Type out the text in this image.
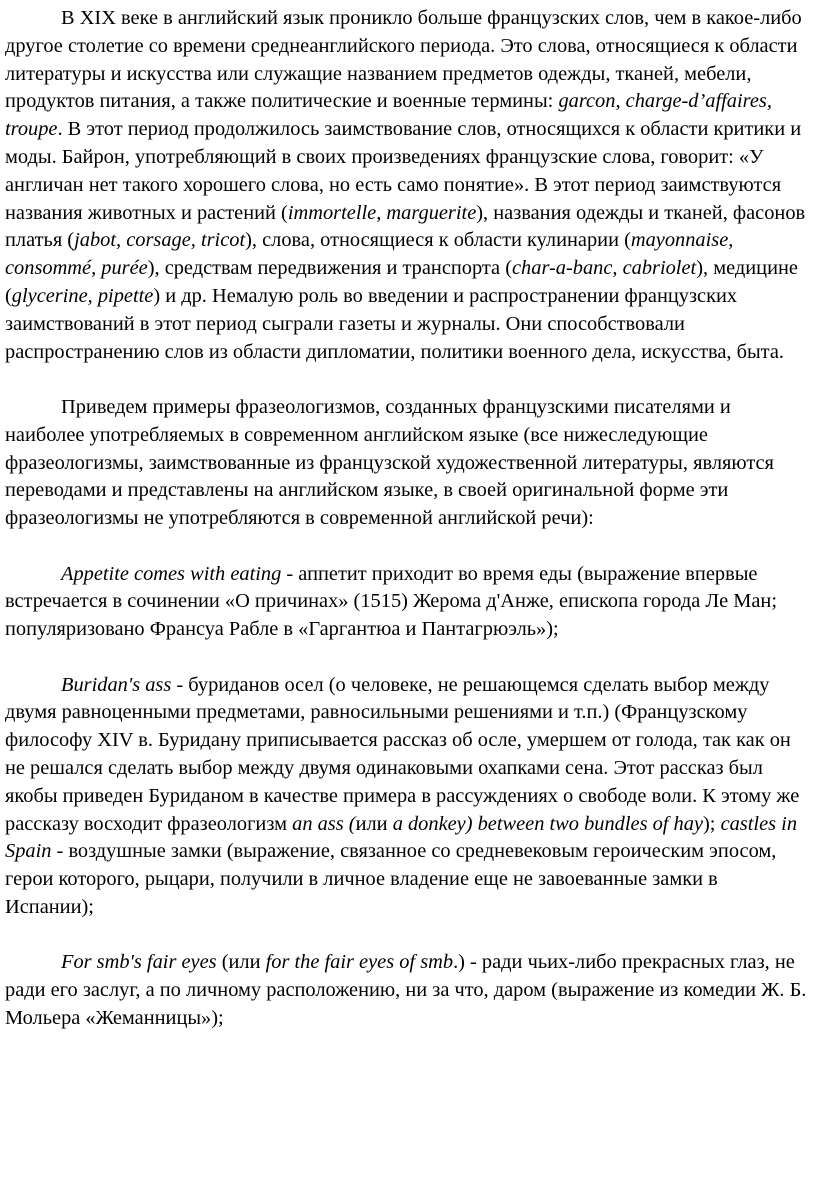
В XIX веке в английский язык проникло больше французских слов, чем в какое-либо другое столетие со времени среднеанглийского периода. Это слова, относящиеся к области литературы и искусства или служащие названием предметов одежды, тканей, мебели, продуктов питания, а также политические и военные термины: garcon, charge-d’affaires, troupe. В этот период продолжилось заимствование слов, относящихся к области критики и моды. Байрон, употребляющий в своих произведениях французские слова, говорит: «У англичан нет такого хорошего слова, но есть само понятие». В этот период заимствуются названия животных и растений (immortelle, marguerite), названия одежды и тканей, фасонов платья (jabot, corsage, tricot), слова, относящиеся к области кулинарии (mayonnaise, consommé, purée), средствам передвижения и транспорта (char-a-banc, cabriolet), медицине (glycerine, pipette) и др. Немалую роль во введении и распространении французских заимствований в этот период сыграли газеты и журналы. Они способствовали распространению слов из области дипломатии, политики военного дела, искусства, быта.

Приведем примеры фразеологизмов, созданных французскими писателями и наиболее употребляемых в современном английском языке (все нижеследующие фразеологизмы, заимствованные из французской художественной литературы, являются переводами и представлены на английском языке, в своей оригинальной форме эти фразеологизмы не употребляются в современной английской речи):

Appetite comes with eating - аппетит приходит во время еды (выражение впервые встречается в сочинении «О причинах» (1515) Жерома д'Анже, епископа города Ле Ман; популяризовано Франсуа Рабле в «Гаргантюа и Пантагрюэль»);

Buridan's ass - буриданов осел (о человеке, не решающемся сделать выбор между двумя равноценными предметами, равносильными решениями и т.п.) (Французскому философу XIV в. Буридану приписывается рассказ об осле, умершем от голода, так как он не решался сделать выбор между двумя одинаковыми охапками сена. Этот рассказ был якобы приведен Буриданом в качестве примера в рассуждениях о свободе воли. К этому же рассказу восходит фразеологизм an ass (или a donkey) between two bundles of hay); castles in Spain - воздушные замки (выражение, связанное со средневековым героическим эпосом, герои которого, рыцари, получили в личное владение еще не завоеванные замки в Испании);

For smb's fair eyes (или for the fair eyes of smb.) - ради чьих-либо прекрасных глаз, не ради его заслуг, а по личному расположению, ни за что, даром (выражение из комедии Ж. Б. Мольера «Жеманницы»);
